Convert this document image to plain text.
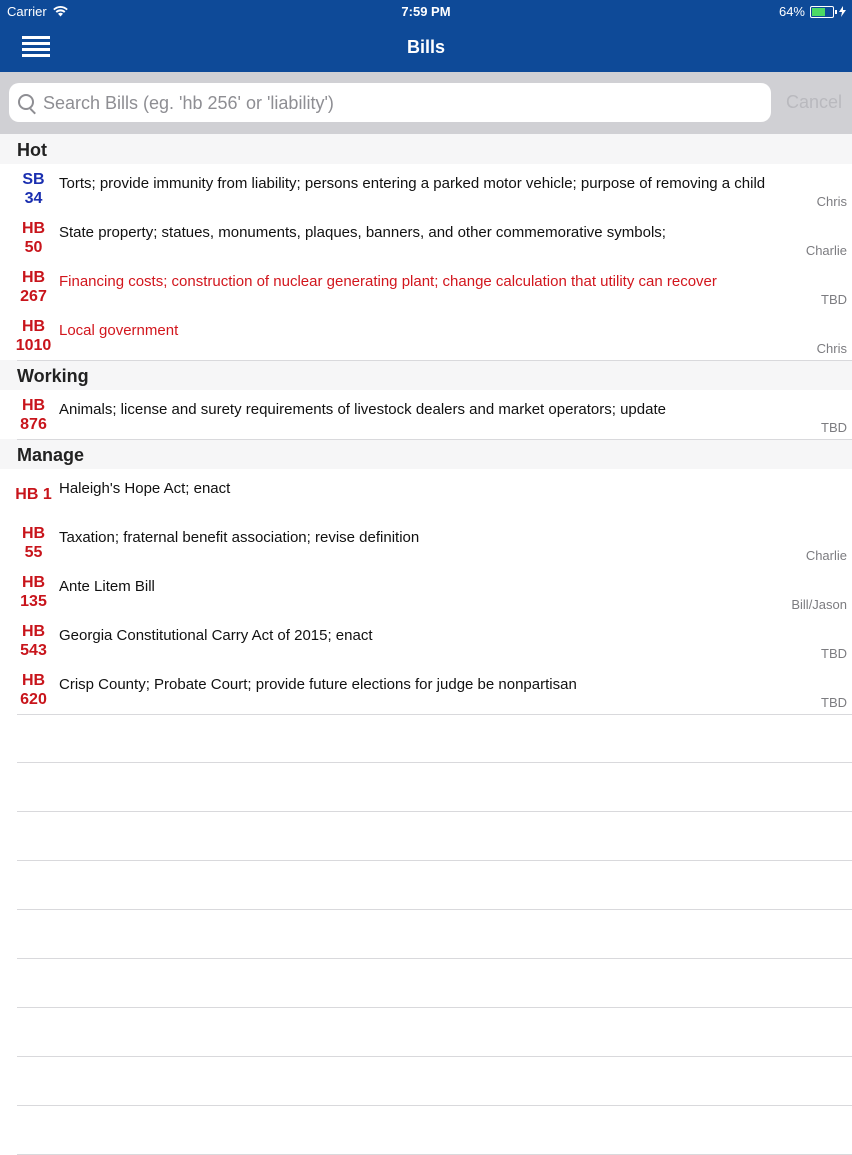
Carrier	7:59 PM	64%
Bills
Search Bills (eg. 'hb 256' or 'liability')
Cancel
Hot
SB
34
Torts; provide immunity from liability; persons entering a parked motor vehicle; purpose of removing a child
Chris
HB
50
State property; statues, monuments, plaques, banners, and other commemorative symbols;
Charlie
HB
267
Financing costs; construction of nuclear generating plant; change calculation that utility can recover
TBD
HB
1010
Local government
Chris
Working
HB
876
Animals; license and surety requirements of livestock dealers and market operators; update
TBD
Manage
HB 1 Haleigh's Hope Act; enact
HB
55
Taxation; fraternal benefit association; revise definition
Charlie
HB
135
Ante Litem Bill
Bill/Jason
HB
543
Georgia Constitutional Carry Act of 2015; enact
TBD
HB
620
Crisp County; Probate Court; provide future elections for judge be nonpartisan
TBD
